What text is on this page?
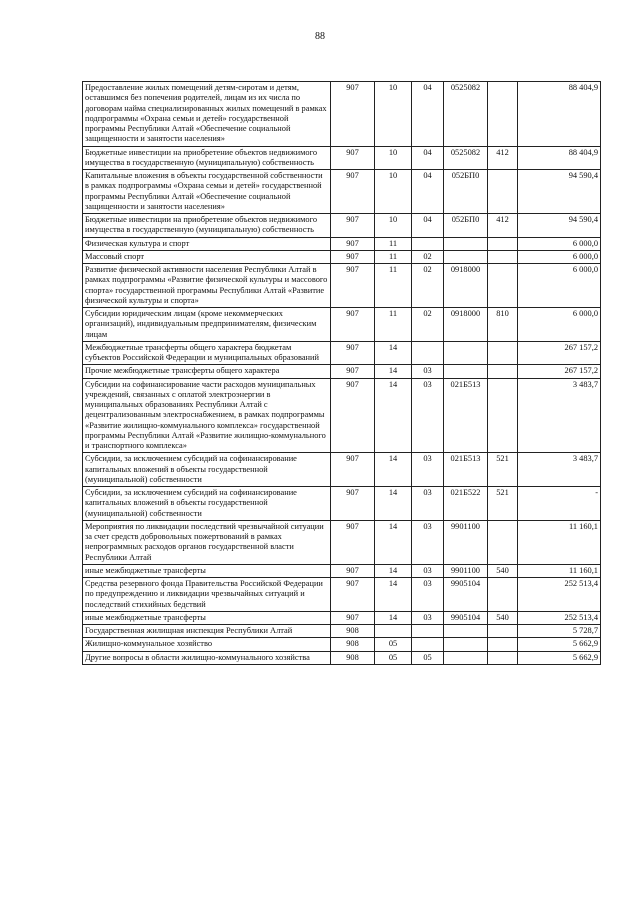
88
Предоставление жилых помещений детям-сиротам и детям, оставшимся без попечения родителей, лицам из их числа по договорам найма специализированных жилых помещений в рамках подпрограммы «Охрана семьи и детей» государственной программы Республики Алтай «Обеспечение социальной защищенности и занятости населения»	907	10	04	0525082		88 404,9
Бюджетные инвестиции на приобретение объектов недвижимого имущества в государственную (муниципальную) собственность	907	10	04	0525082	412	88 404,9
Капитальные вложения в объекты государственной собственности в рамках подпрограммы «Охрана семьи и детей» государственной программы Республики Алтай «Обеспечение социальной защищенности и занятости населения»	907	10	04	052БП0		94 590,4
Бюджетные инвестиции на приобретение объектов недвижимого имущества в государственную (муниципальную) собственность	907	10	04	052БП0	412	94 590,4
Физическая культура и спорт	907	11				6 000,0
Массовый спорт	907	11	02			6 000,0
Развитие физической активности населения Республики Алтай в рамках подпрограммы «Развитие физической культуры и массового спорта» государственной программы Республики Алтай «Развитие физической культуры и спорта»	907	11	02	0918000		6 000,0
Субсидии юридическим лицам (кроме некоммерческих организаций), индивидуальным предпринимателям, физическим лицам	907	11	02	0918000	810	6 000,0
Межбюджетные трансферты общего характера бюджетам субъектов Российской Федерации и муниципальных образований	907	14				267 157,2
Прочие межбюджетные трансферты общего характера	907	14	03			267 157,2
Субсидии на софинансирование части расходов муниципальных учреждений, связанных с оплатой электроэнергии в муниципальных образованиях Республики Алтай с децентрализованным электроснабжением, в рамках подпрограммы «Развитие жилищно-коммунального комплекса» государственной программы Республики Алтай «Развитие жилищно-коммунального и транспортного комплекса»	907	14	03	021Б513		3 483,7
Субсидии, за исключением субсидий на софинансирование капитальных вложений в объекты государственной (муниципальной) собственности	907	14	03	021Б513	521	3 483,7
Субсидии, за исключением субсидий на софинансирование капитальных вложений в объекты государственной (муниципальной) собственности	907	14	03	021Б522	521	-
Мероприятия по ликвидации последствий чрезвычайной ситуации за счет средств добровольных пожертвований в рамках непрограммных расходов органов государственной власти Республики Алтай	907	14	03	9901100		11 160,1
иные межбюджетные трансферты	907	14	03	9901100	540	11 160,1
Средства резервного фонда Правительства Российской Федерации по предупреждению и ликвидации чрезвычайных ситуаций и последствий стихийных бедствий	907	14	03	9905104		252 513,4
иные межбюджетные трансферты	907	14	03	9905104	540	252 513,4
Государственная жилищная инспекция Республики Алтай	908					5 728,7
Жилищно-коммунальное хозяйство	908	05				5 662,9
Другие вопросы в области жилищно-коммунального хозяйства	908	05	05			5 662,9
